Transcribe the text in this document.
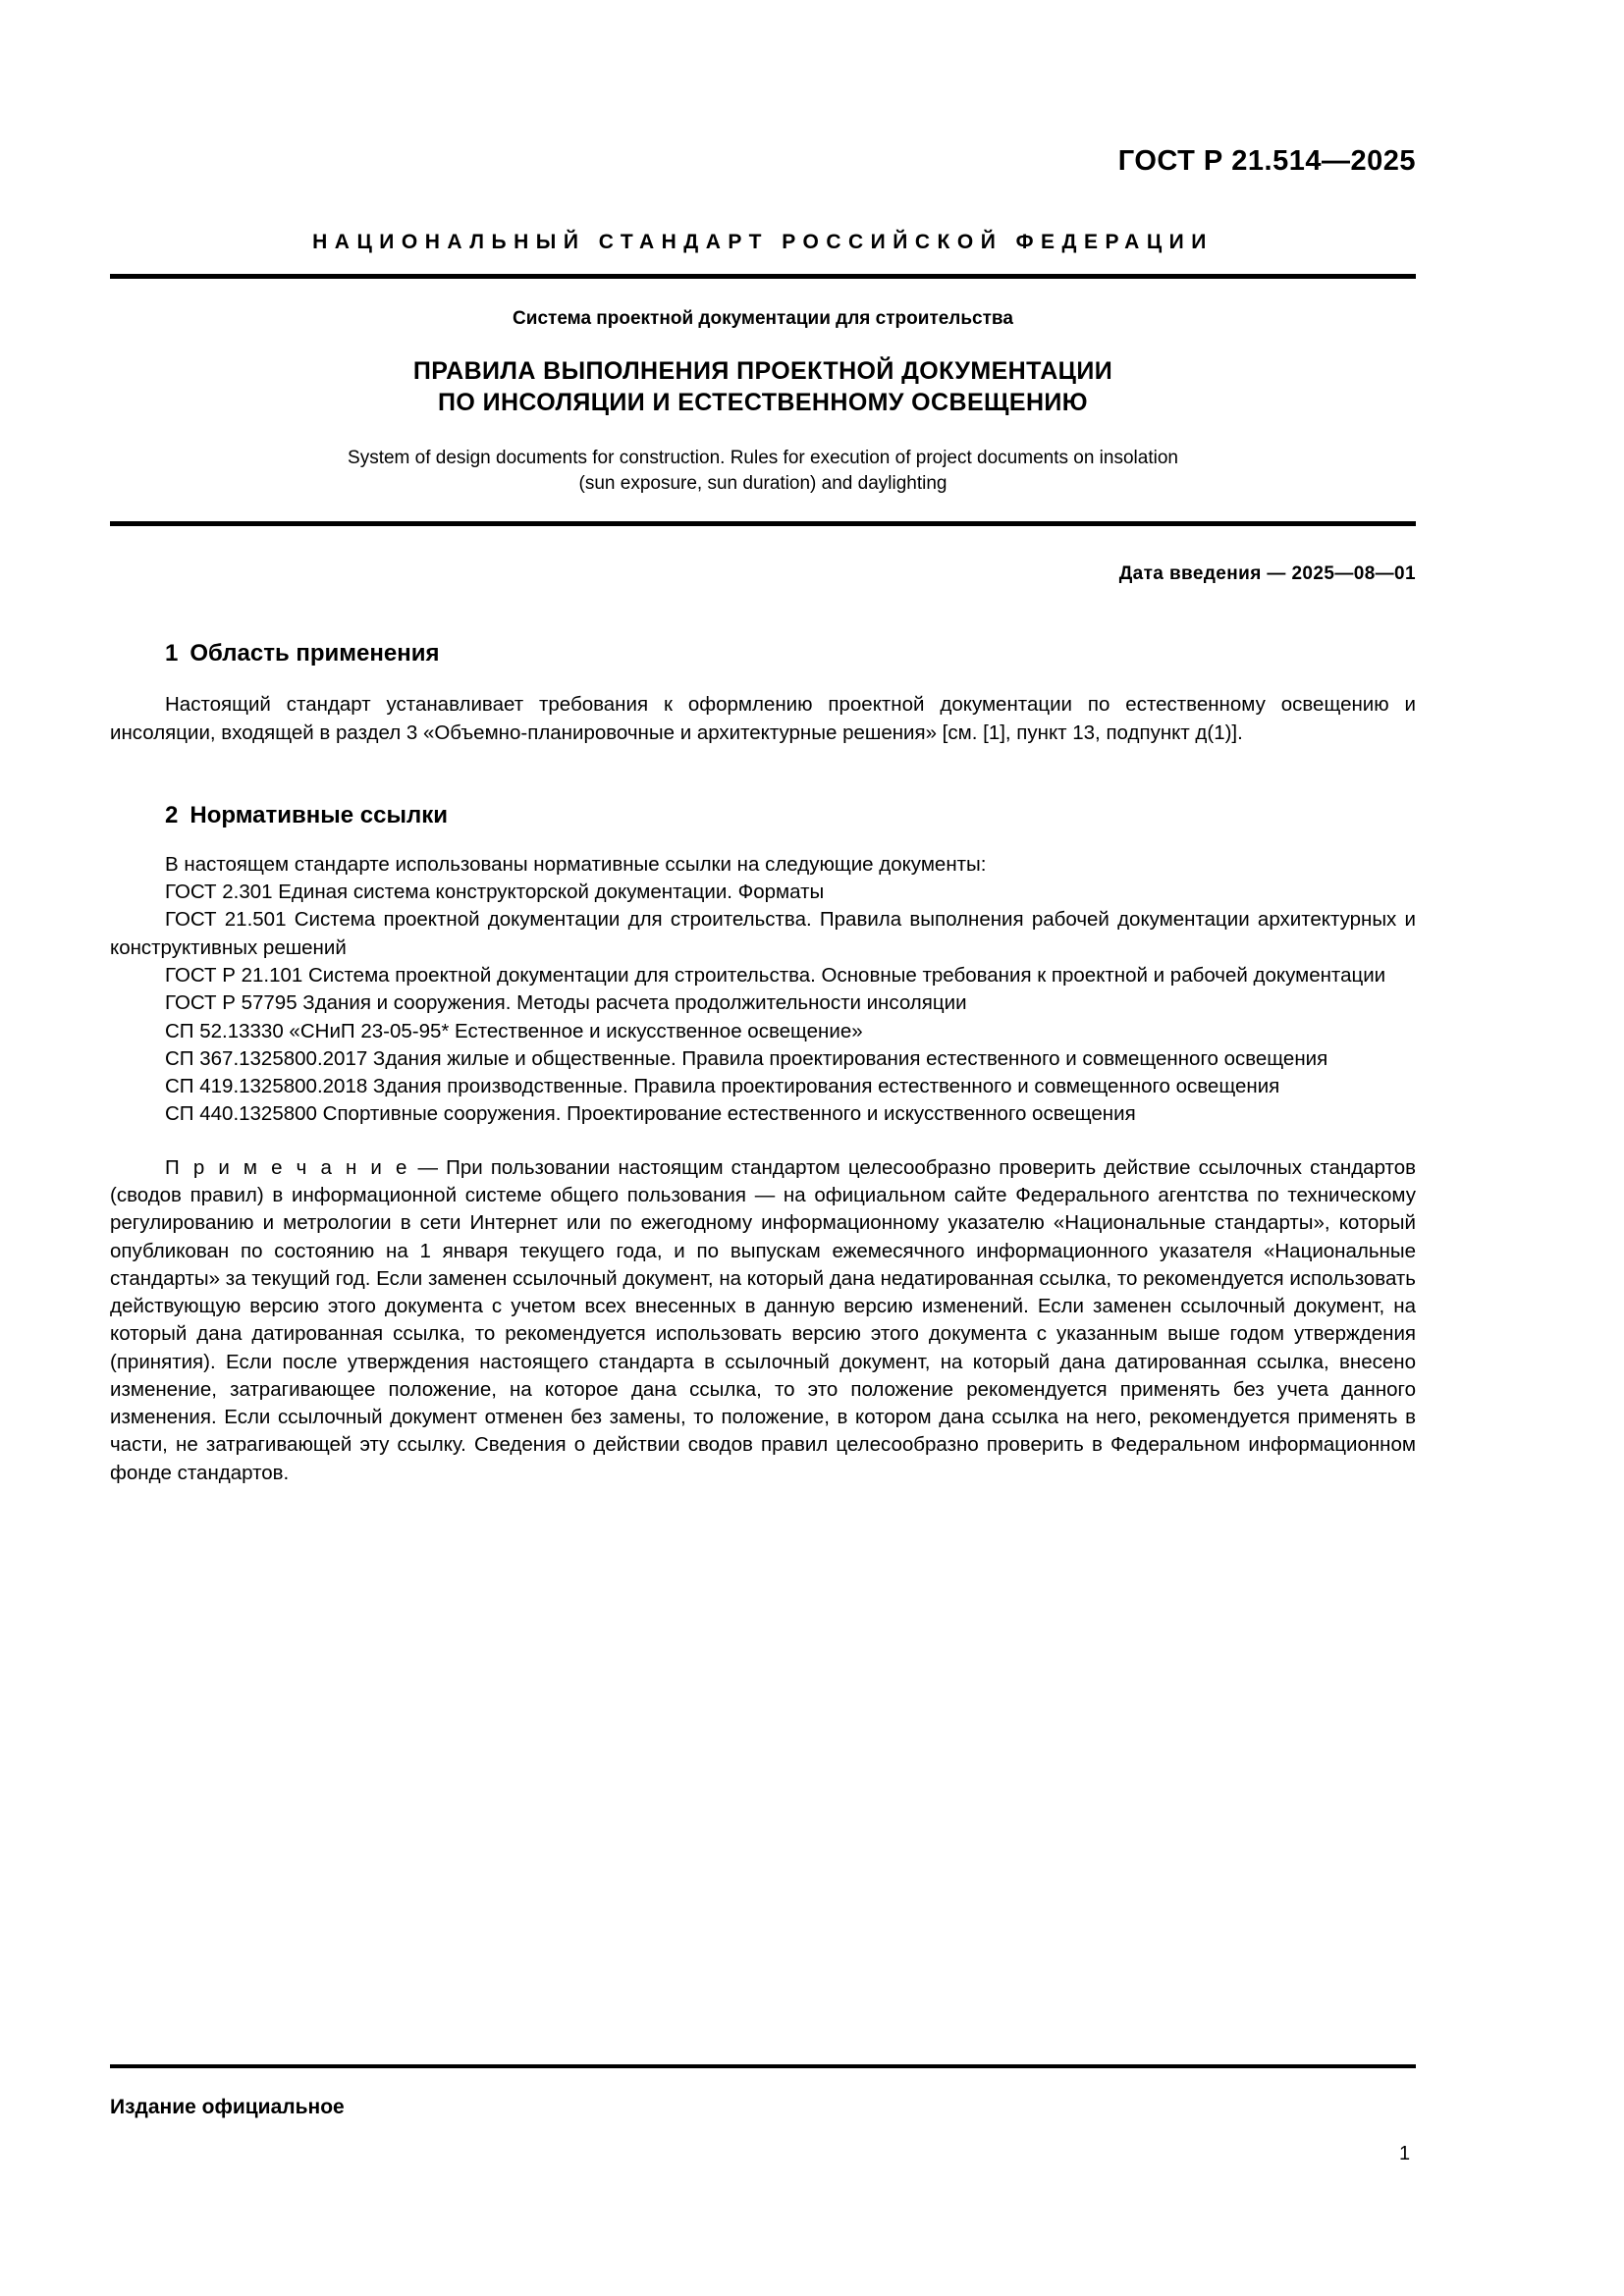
ГОСТ Р 21.514—2025
НАЦИОНАЛЬНЫЙ СТАНДАРТ РОССИЙСКОЙ ФЕДЕРАЦИИ
Система проектной документации для строительства
ПРАВИЛА ВЫПОЛНЕНИЯ ПРОЕКТНОЙ ДОКУМЕНТАЦИИ
ПО ИНСОЛЯЦИИ И ЕСТЕСТВЕННОМУ ОСВЕЩЕНИЮ
System of design documents for construction. Rules for execution of project documents on insolation
(sun exposure, sun duration) and daylighting
Дата введения — 2025—08—01
1 Область применения

Настоящий стандарт устанавливает требования к оформлению проектной документации по естественному освещению и инсоляции, входящей в раздел 3 «Объемно-планировочные и архитектурные решения» [см. [1], пункт 13, подпункт д(1)].

2 Нормативные ссылки

В настоящем стандарте использованы нормативные ссылки на следующие документы:

ГОСТ 2.301 Единая система конструкторской документации. Форматы

ГОСТ 21.501 Система проектной документации для строительства. Правила выполнения рабочей документации архитектурных и конструктивных решений

ГОСТ Р 21.101 Система проектной документации для строительства. Основные требования к проектной и рабочей документации

ГОСТ Р 57795 Здания и сооружения. Методы расчета продолжительности инсоляции

СП 52.13330 «СНиП 23-05-95* Естественное и искусственное освещение»

СП 367.1325800.2017 Здания жилые и общественные. Правила проектирования естественного и совмещенного освещения

СП 419.1325800.2018 Здания производственные. Правила проектирования естественного и совмещенного освещения

СП 440.1325800 Спортивные сооружения. Проектирование естественного и искусственного освещения

П р и м е ч а н и е — При пользовании настоящим стандартом целесообразно проверить действие ссылочных стандартов (сводов правил) в информационной системе общего пользования — на официальном сайте Федерального агентства по техническому регулированию и метрологии в сети Интернет или по ежегодному информационному указателю «Национальные стандарты», который опубликован по состоянию на 1 января текущего года, и по выпускам ежемесячного информационного указателя «Национальные стандарты» за текущий год. Если заменен ссылочный документ, на который дана недатированная ссылка, то рекомендуется использовать действующую версию этого документа с учетом всех внесенных в данную версию изменений. Если заменен ссылочный документ, на который дана датированная ссылка, то рекомендуется использовать версию этого документа с указанным выше годом утверждения (принятия). Если после утверждения настоящего стандарта в ссылочный документ, на который дана датированная ссылка, внесено изменение, затрагивающее положение, на которое дана ссылка, то это положение рекомендуется применять без учета данного изменения. Если ссылочный документ отменен без замены, то положение, в котором дана ссылка на него, рекомендуется применять в части, не затрагивающей эту ссылку. Сведения о действии сводов правил целесообразно проверить в Федеральном информационном фонде стандартов.

Издание официальное
1
